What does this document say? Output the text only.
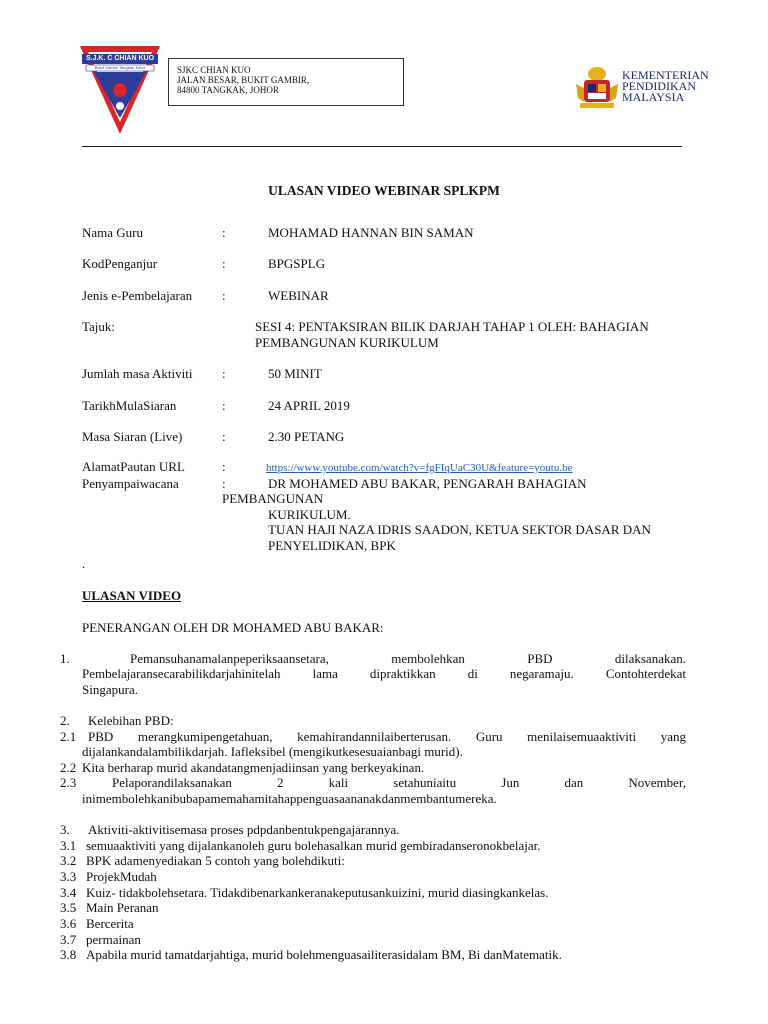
S.J.K. C CHIAN KUO
Bukit Gambir Tangkak Johor	SJKC CHIAN KUO
JALAN BESAR, BUKIT GAMBIR,
84800 TANGKAK, JOHOR
KEMENTERIAN
PENDIDIKAN
MALAYSIA
ULASAN VIDEO WEBINAR SPLKPM
Nama Guru	:	MOHAMAD HANNAN BIN SAMAN
KodPenganjur	:	BPGSPLG
Jenis e-Pembelajaran :	WEBINAR
Tajuk:	SESI 4: PENTAKSIRAN BILIK DARJAH TAHAP 1 OLEH: BAHAGIAN
PEMBANGUNAN KURIKULUM
Jumlah masa Aktiviti :	50 MINIT
TarikhMulaSiaran	:	24 APRIL 2019
Masa Siaran (Live)	:	2.30 PETANG
AlamatPautan URL	:	https://www.youtube.com/watch?v=fgFIqUaC30U&feature=youtu.be
Penyampaiwacana	:	DR MOHAMED ABU BAKAR, PENGARAH BAHAGIAN
PEMBANGUNAN
KURIKULUM.
TUAN HAJI NAZA IDRIS SAADON, KETUA SEKTOR DASAR DAN
PENYELIDIKAN, BPK
.
ULASAN VIDEO
PENERANGAN OLEH DR MOHAMED ABU BAKAR:
1.	Pemansuhanamalanpeperiksaansetara, membolehkan PBD dilaksanakan.
Pembelajaransecarabilikdarjahinitelah lama dipraktikkan di negaramaju. Contohterdekat
Singapura.
2. Kelebihan PBD:
2.1 PBD merangkumipengetahuan, kemahirandannilaiberterusan. Guru menilaisemuaaktiviti yang
dijalankandalambilikdarjah. Iafleksibel (mengikutkesesuaianbagi murid).
2.2 Kita berharap murid akandatangmenjadiinsan yang berkeyakinan.
2.3	Pelaporandilaksanakan 2 kali setahuniaitu Jun dan November,
inimembolehkanibubapamemahamitahappenguasaananakdanmembantumereka.
3. Aktiviti-aktivitisemasa proses pdpdanbentukpengajarannya.
3.1 semuaaktiviti yang dijalankanoleh guru bolehasalkan murid gembiradanseronokbelajar.
3.2 BPK adamenyediakan 5 contoh yang bolehdikuti:
3.3 ProjekMudah
3.4 Kuiz- tidakbolehsetara. Tidakdibenarkankeranakeputusankuizini, murid diasingkankelas.
3.5 Main Peranan
3.6 Bercerita
3.7 permainan
3.8 Apabila murid tamatdarjahtiga, murid bolehmenguasailiterasidalam BM, Bi danMatematik.
